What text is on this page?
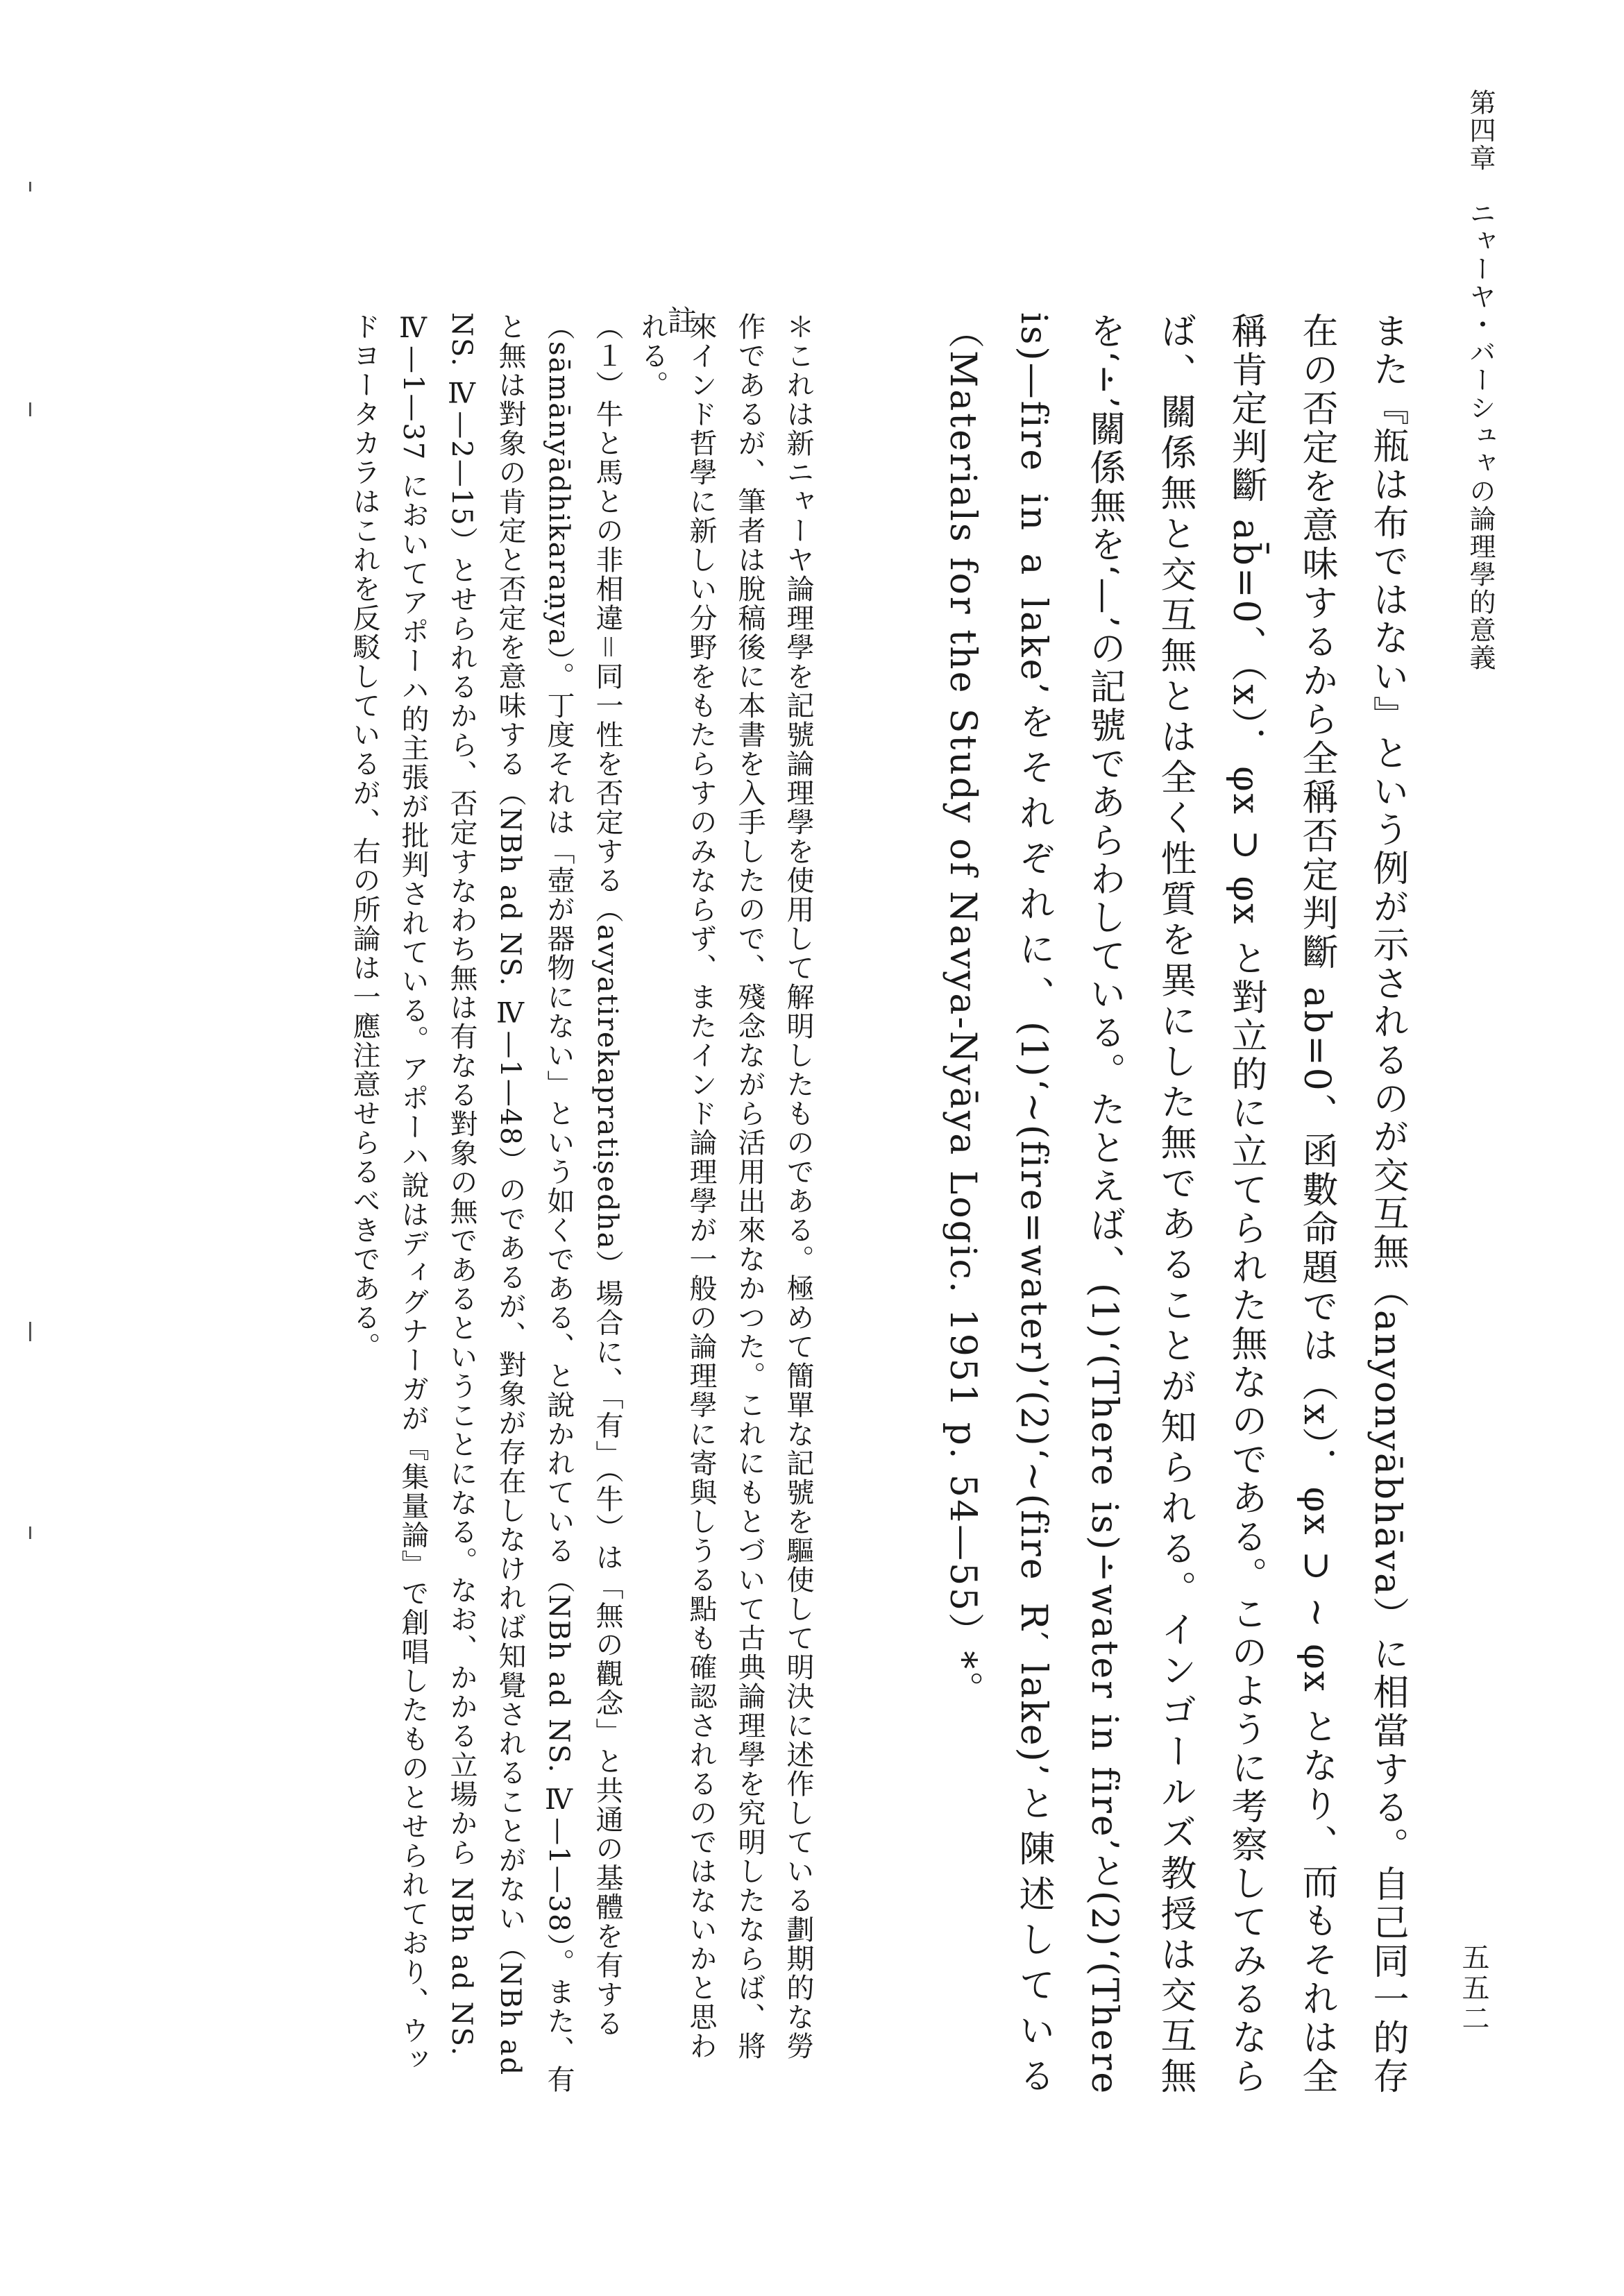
第四章　ニャーヤ・バーシュャの論理學的意義
五五二

また『瓶は布ではない』という例が示されるのが交互無（anyonyābhāva）に相當する。自己同一的存在の否定を意味するから全稱否定判斷 ab=0、函數命題では（x）．φx ⊃ ~ φx となり、而もそれは全稱肯定判斷 ab̄=0、（x）．φx ⊃ φx と對立的に立てられた無なのである。このように考察してみるならば、關係無と交互無とは全く性質を異にした無であることが知られる。インゴールズ教授は交互無を‘∸’關係無を‘—’の記號であらわしている。たとえば、(1)‘(There is)∸water in fire’と(2)‘(There is)—fire in a lake’をそれぞれに、(1)‘~(fire=water)’(2)‘~(fire R′ lake)’と陳述している（Materials for the Study of Navya-Nyāya Logic. 1951 p. 54—55）*。

＊これは新ニャーヤ論理學を記號論理學を使用して解明したものである。極めて簡單な記號を驅使して明決に述作している劃期的な勞作であるが、筆者は脫稿後に本書を入手したので、殘念ながら活用出來なかつた。これにもとづいて古典論理學を究明したならば、將來インド哲學に新しい分野をもたらすのみならず、またインド論理學が一般の論理學に寄與しうる點も確認されるのではないかと思われる。
註

（１）牛と馬との非相違＝同一性を否定する（avyatirekapratiṣedha）場合に、「有」（牛）は「無の觀念」と共通の基體を有する（sāmānyādhikaraṇya）。丁度それは「壺が器物にない」という如くである、と說かれている（NBh ad NS. Ⅳ—1—38）。また、有と無は對象の肯定と否定を意味する（NBh ad NS. Ⅳ—1—48）のであるが、對象が存在しなければ知覺されることがない（NBh ad NS. Ⅳ—2—15）とせられるから、否定すなわち無は有なる對象の無であるということになる。なお、かかる立場から NBh ad NS. Ⅳ—1—37 においてアポーハ的主張が批判されている。アポーハ說はディグナーガが『集量論』で創唱したものとせられており、ウッドヨータカラはこれを反駁しているが、右の所論は一應注意せらるべきである。
